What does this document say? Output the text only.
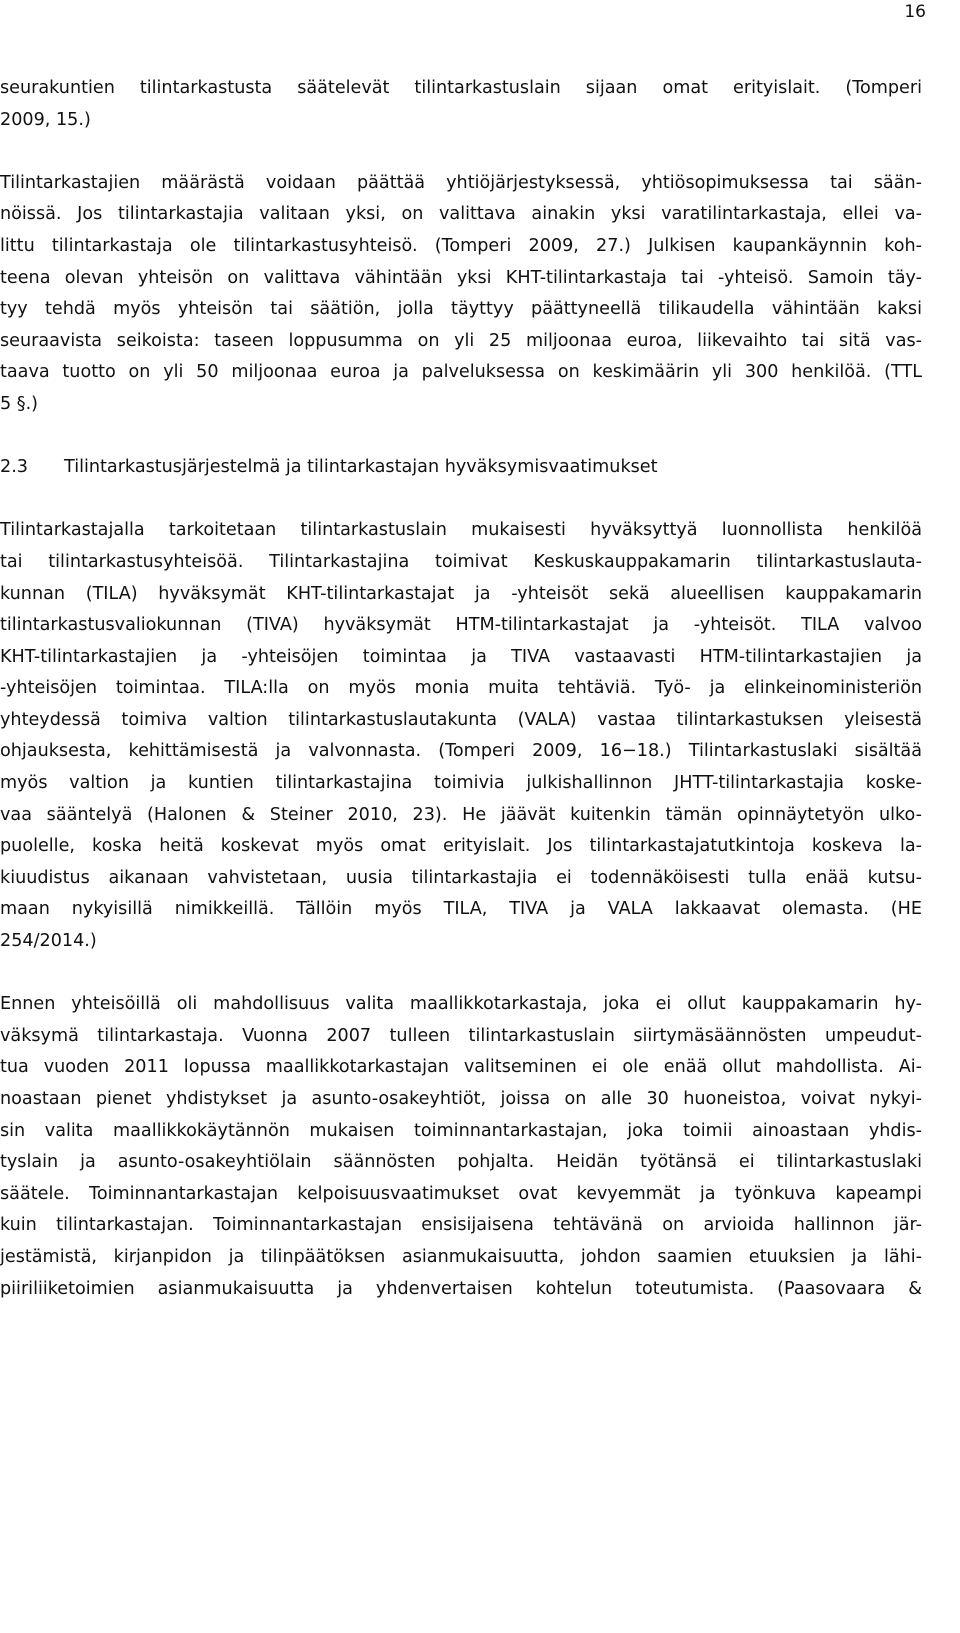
16
seurakuntien tilintarkastusta säätelevät tilintarkastuslain sijaan omat erityislait. (Tomperi
2009, 15.)
Tilintarkastajien määrästä voidaan päättää yhtiöjärjestyksessä, yhtiösopimuksessa tai sään-
nöissä. Jos tilintarkastajia valitaan yksi, on valittava ainakin yksi varatilintarkastaja, ellei va-
littu tilintarkastaja ole tilintarkastusyhteisö. (Tomperi 2009, 27.) Julkisen kaupankäynnin koh-
teena olevan yhteisön on valittava vähintään yksi KHT-tilintarkastaja tai -yhteisö. Samoin täy-
tyy tehdä myös yhteisön tai säätiön, jolla täyttyy päättyneellä tilikaudella vähintään kaksi
seuraavista seikoista: taseen loppusumma on yli 25 miljoonaa euroa, liikevaihto tai sitä vas-
taava tuotto on yli 50 miljoonaa euroa ja palveluksessa on keskimäärin yli 300 henkilöä. (TTL
5 §.)
2.3 Tilintarkastusjärjestelmä ja tilintarkastajan hyväksymisvaatimukset
Tilintarkastajalla tarkoitetaan tilintarkastuslain mukaisesti hyväksyttyä luonnollista henkilöä
tai tilintarkastusyhteisöä. Tilintarkastajina toimivat Keskuskauppakamarin tilintarkastuslauta-
kunnan (TILA) hyväksymät KHT-tilintarkastajat ja -yhteisöt sekä alueellisen kauppakamarin
tilintarkastusvaliokunnan (TIVA) hyväksymät HTM-tilintarkastajat ja -yhteisöt. TILA valvoo
KHT-tilintarkastajien ja -yhteisöjen toimintaa ja TIVA vastaavasti HTM-tilintarkastajien ja
-yhteisöjen toimintaa. TILA:lla on myös monia muita tehtäviä. Työ- ja elinkeinoministeriön
yhteydessä toimiva valtion tilintarkastuslautakunta (VALA) vastaa tilintarkastuksen yleisestä
ohjauksesta, kehittämisestä ja valvonnasta. (Tomperi 2009, 16−18.) Tilintarkastuslaki sisältää
myös valtion ja kuntien tilintarkastajina toimivia julkishallinnon JHTT-tilintarkastajia koske-
vaa sääntelyä (Halonen & Steiner 2010, 23). He jäävät kuitenkin tämän opinnäytetyön ulko-
puolelle, koska heitä koskevat myös omat erityislait. Jos tilintarkastajatutkintoja koskeva la-
kiuudistus aikanaan vahvistetaan, uusia tilintarkastajia ei todennäköisesti tulla enää kutsu-
maan nykyisillä nimikkeillä. Tällöin myös TILA, TIVA ja VALA lakkaavat olemasta. (HE
254/2014.)
Ennen yhteisöillä oli mahdollisuus valita maallikkotarkastaja, joka ei ollut kauppakamarin hy-
väksymä tilintarkastaja. Vuonna 2007 tulleen tilintarkastuslain siirtymäsäännösten umpeudut-
tua vuoden 2011 lopussa maallikkotarkastajan valitseminen ei ole enää ollut mahdollista. Ai-
noastaan pienet yhdistykset ja asunto-osakeyhtiöt, joissa on alle 30 huoneistoa, voivat nykyi-
sin valita maallikkokäytännön mukaisen toiminnantarkastajan, joka toimii ainoastaan yhdis-
tyslain ja asunto-osakeyhtiölain säännösten pohjalta. Heidän työtänsä ei tilintarkastuslaki
säätele. Toiminnantarkastajan kelpoisuusvaatimukset ovat kevyemmät ja työnkuva kapeampi
kuin tilintarkastajan. Toiminnantarkastajan ensisijaisena tehtävänä on arvioida hallinnon jär-
jestämistä, kirjanpidon ja tilinpäätöksen asianmukaisuutta, johdon saamien etuuksien ja lähi-
piiriliiketoimien asianmukaisuutta ja yhdenvertaisen kohtelun toteutumista. (Paasovaara &
